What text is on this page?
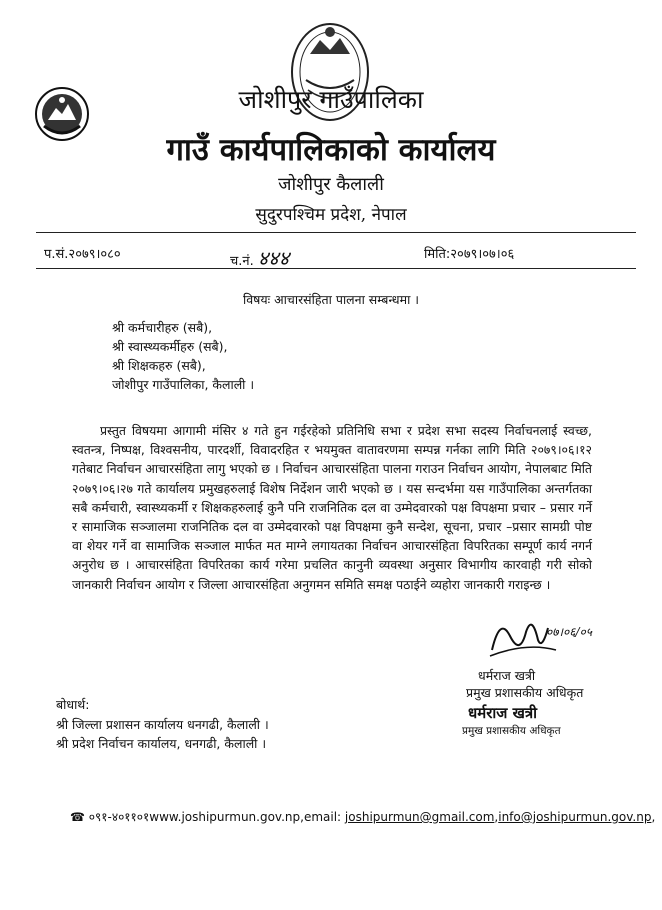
जोशीपुर गाउँपालिका
गाउँ कार्यपालिकाको कार्यालय
जोशीपुर कैलाली
सुदुरपश्चिम प्रदेश, नेपाल
प.सं.२०७९।०८०	च.नं. ४४४	मिति:२०७९।०७।०६
विषयः आचारसंहिता पालना सम्बन्धमा ।
श्री कर्मचारीहरु (सबै),
श्री स्वास्थ्यकर्मीहरु (सबै),
श्री शिक्षकहरु (सबै),
जोशीपुर गाउँपालिका, कैलाली ।
प्रस्तुत विषयमा आगामी मंसिर ४ गते हुन गईरहेको प्रतिनिधि सभा र प्रदेश सभा सदस्य निर्वाचनलाई स्वच्छ, स्वतन्त्र, निष्पक्ष, विश्वसनीय, पारदर्शी, विवादरहित र भयमुक्त वातावरणमा सम्पन्न गर्नका लागि मिति २०७९।०६।१२ गतेबाट निर्वाचन आचारसंहिता लागु भएको छ । निर्वाचन आचारसंहिता पालना गराउन निर्वाचन आयोग, नेपालबाट मिति २०७९।०६।२७ गते कार्यालय प्रमुखहरुलाई विशेष निर्देशन जारी भएको छ । यस सन्दर्भमा यस गाउँपालिका अन्तर्गतका सबै कर्मचारी, स्वास्थ्यकर्मी र शिक्षकहरुलाई कुनै पनि राजनितिक दल वा उम्मेदवारको पक्ष विपक्षमा प्रचार – प्रसार गर्ने र सामाजिक सञ्जालमा राजनितिक दल वा उम्मेदवारको पक्ष विपक्षमा कुनै सन्देश, सूचना, प्रचार –प्रसार सामग्री पोष्ट वा शेयर गर्ने वा सामाजिक सञ्जाल मार्फत मत माग्ने लगायतका निर्वाचन आचारसंहिता विपरितका सम्पूर्ण कार्य नगर्न अनुरोध छ । आचारसंहिता विपरितका कार्य गरेमा प्रचलित कानुनी व्यवस्था अनुसार विभागीय कारवाही गरी सोको जानकारी निर्वाचन आयोग र जिल्ला आचारसंहिता अनुगमन समिति समक्ष पठाईने व्यहोरा जानकारी गराइन्छ ।
०७।०६/०५
धर्मराज खत्री
प्रमुख प्रशासकीय अधिकृत
धर्मराज खत्री
प्रमुख प्रशासकीय अधिकृत
बोधार्थ:
श्री जिल्ला प्रशासन कार्यालय धनगढी, कैलाली ।
श्री प्रदेश निर्वाचन कार्यालय, धनगढी, कैलाली ।
☎ ०९१-४०११०१www.joshipurmun.gov.np,email: joshipurmun@gmail.com,info@joshipurmun.gov.np,
